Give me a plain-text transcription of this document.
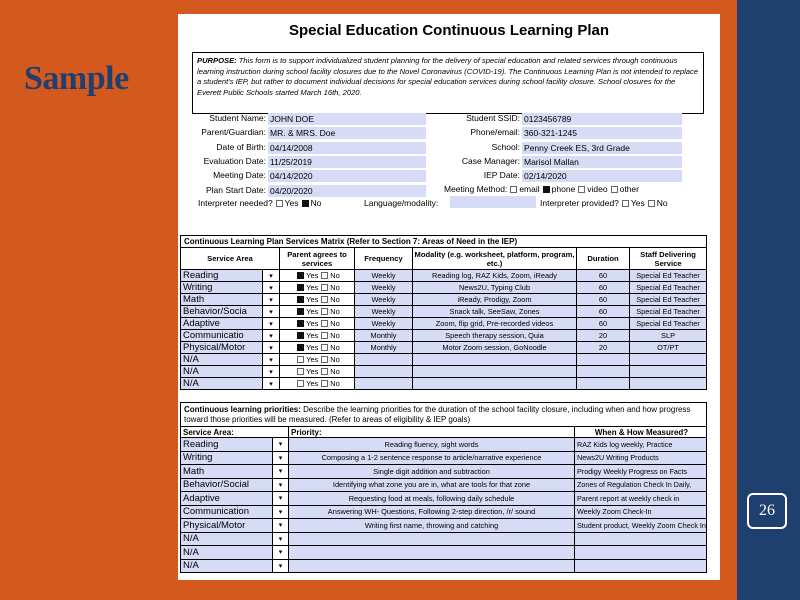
26
Sample
Special Education Continuous Learning Plan
PURPOSE: This form is to support individualized student planning for the delivery of special education and related services through continuous learning instruction during school facility closures due to the Novel Coronavirus (COVID-19). The Continuous Learning Plan is not intended to replace a student's IEP, but rather to document individual decisions for special education services during school facility closure. School closures for the Everett Public Schools started March 16th, 2020.
Student Name: JOHN DOE
Parent/Guardian: MR. & MRS. Doe
Date of Birth: 04/14/2008
Evaluation Date: 11/25/2019
Meeting Date: 04/14/2020
Plan Start Date: 04/20/2020
Student SSID: 0123456789
Phone/email: 360-321-1245
School: Penny Creek ES, 3rd Grade
Case Manager: Marisol Mallan
IEP Date: 02/14/2020
Meeting Method: email phone video other
Interpreter needed? Yes No	Language/modality:	Interpreter provided? Yes No
Continuous Learning Plan Services Matrix (Refer to Section 7: Areas of Need in the IEP)						
Service Area		Parent agrees to services	Frequency	Modality (e.g. worksheet, platform, program, etc.)	Duration	Staff Delivering Service
Reading	▾	Yes No	Weekly	Reading log, RAZ Kids, Zoom, iReady	60	Special Ed Teacher
Writing	▾	Yes No	Weekly	News2U, Typing Club	60	Special Ed Teacher
Math	▾	Yes No	Weekly	iReady, Prodigy, Zoom	60	Special Ed Teacher
Behavior/Socia	▾	Yes No	Weekly	Snack talk, SeeSaw, Zones	60	Special Ed Teacher
Adaptive	▾	Yes No	Weekly	Zoom, flip grid, Pre-recorded videos	60	Special Ed Teacher
Communicatio	▾	Yes No	Monthly	Speech therapy session, Quia	20	SLP
Physical/Motor	▾	Yes No	Monthly	Motor Zoom session, GoNoodle	20	OT/PT
N/A	▾	Yes No				
N/A	▾	Yes No				
N/A	▾	Yes No				
Continuous learning priorities: Describe the learning priorities for the duration of the school facility closure, including when and how progress toward those priorities will be measured. (Refer to areas of eligibility & IEP goals)			
Service Area:		Priority:	When & How Measured?
Reading	▾	Reading fluency, sight words	RAZ Kids log weekly, Practice
Writing	▾	Composing a 1-2 sentence response to article/narrative experience	News2U Writing Products
Math	▾	Single digit addition and subtraction	Prodigy Weekly Progress on Facts
Behavior/Social	▾	Identifying what zone you are in, what are tools for that zone	Zones of Regulation Check In Daily,
Adaptive	▾	Requesting food at meals, following daily schedule	Parent report at weekly check in
Communication	▾	Answering WH- Questions, Following 2-step direction, /r/ sound	Weekly Zoom Check-In
Physical/Motor	▾	Writing first name, throwing and catching	Student product, Weekly Zoom Check In
N/A	▾		
N/A	▾		
N/A	▾		
